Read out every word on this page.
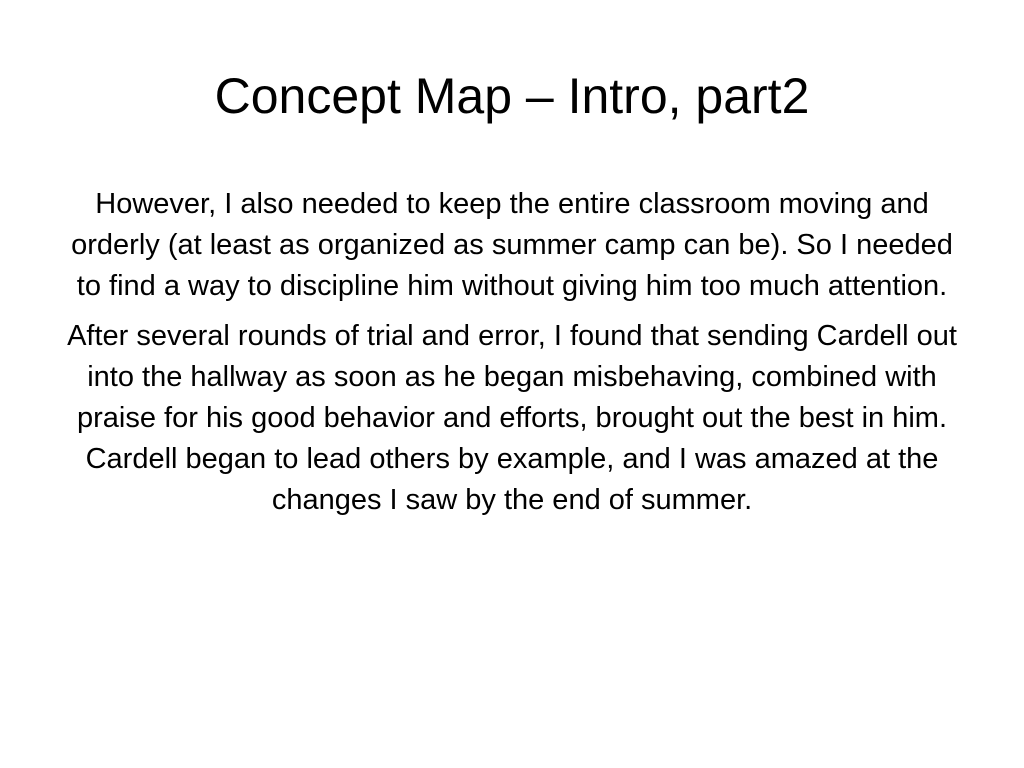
Concept Map – Intro, part2

However, I also needed to keep the entire classroom moving and orderly (at least as organized as summer camp can be). So I needed to find a way to discipline him without giving him too much attention.

After several rounds of trial and error, I found that sending Cardell out into the hallway as soon as he began misbehaving, combined with praise for his good behavior and efforts, brought out the best in him. Cardell began to lead others by example, and I was amazed at the changes I saw by the end of summer.
